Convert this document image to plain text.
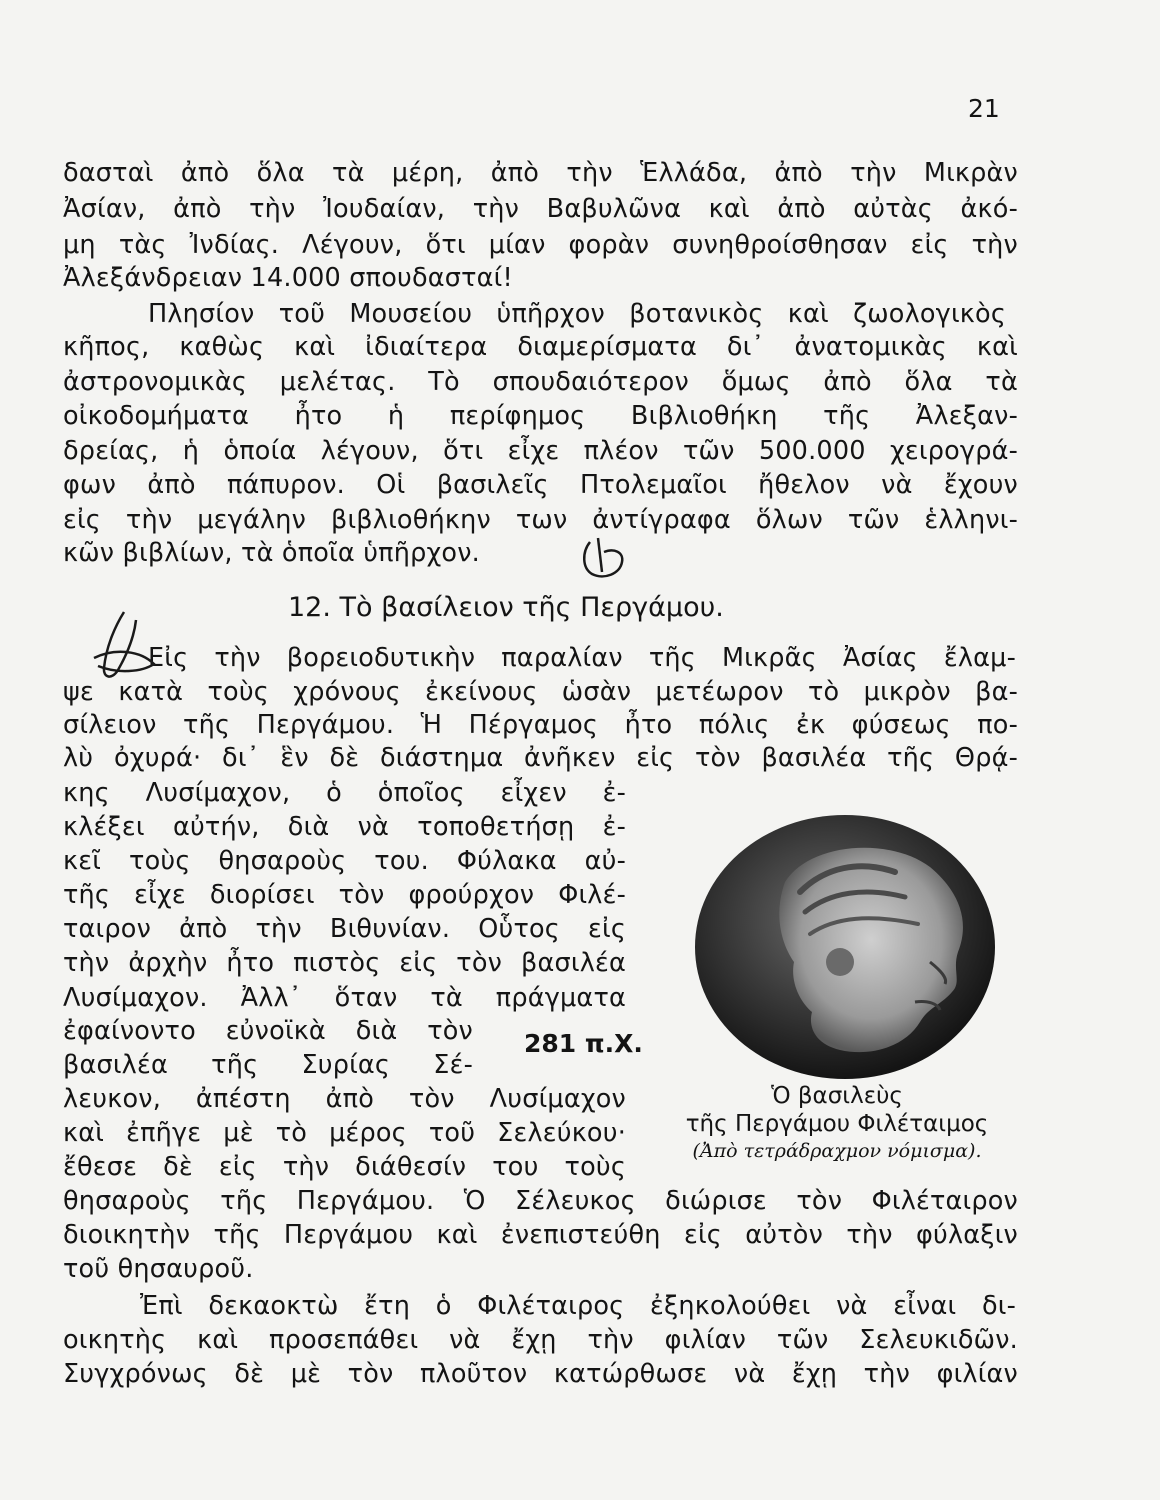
21
δασταὶ ἀπὸ ὅλα τὰ μέρη, ἀπὸ τὴν Ἑλλάδα, ἀπὸ τὴν Μικρὰν
Ἀσίαν, ἀπὸ τὴν Ἰουδαίαν, τὴν Βαβυλῶνα καὶ ἀπὸ αὐτὰς ἀκό-
μη τὰς Ἰνδίας. Λέγουν, ὅτι μίαν φορὰν συνηθροίσθησαν εἰς τὴν
Ἀλεξάνδρειαν 14.000 σπουδασταί!
Πλησίον τοῦ Μουσείου ὑπῆρχον βοτανικὸς καὶ ζωολογικὸς
κῆπος, καθὼς καὶ ἰδιαίτερα διαμερίσματα δι᾽ ἀνατομικὰς καὶ
ἀστρονομικὰς μελέτας. Τὸ σπουδαιότερον ὅμως ἀπὸ ὅλα τὰ
οἰκοδομήματα ἦτο ἡ περίφημος Βιβλιοθήκη τῆς Ἀλεξαν-
δρείας, ἡ ὁποία λέγουν, ὅτι εἶχε πλέον τῶν 500.000 χειρογρά-
φων ἀπὸ πάπυρον. Οἱ βασιλεῖς Πτολεμαῖοι ἤθελον νὰ ἔχουν
εἰς τὴν μεγάλην βιβλιοθήκην των ἀντίγραφα ὅλων τῶν ἑλληνι-
κῶν βιβλίων, τὰ ὁποῖα ὑπῆρχον.
12. Τὸ βασίλειον τῆς Περγάμου.
Εἰς τὴν βορειοδυτικὴν παραλίαν τῆς Μικρᾶς Ἀσίας ἔλαμ-
ψε κατὰ τοὺς χρόνους ἐκείνους ὡσὰν μετέωρον τὸ μικρὸν βα-
σίλειον τῆς Περγάμου. Ἡ Πέργαμος ἦτο πόλις ἐκ φύσεως πο-
λὺ ὀχυρά· δι᾽ ἓν δὲ διάστημα ἀνῆκεν εἰς τὸν βασιλέα τῆς Θρᾴ-
κης Λυσίμαχον, ὁ ὁποῖος εἶχεν ἐ-
κλέξει αὐτήν, διὰ νὰ τοποθετήσῃ ἐ-
κεῖ τοὺς θησαροὺς του. Φύλακα αὐ-
τῆς εἶχε διορίσει τὸν φρούρχον Φιλέ-
ταιρον ἀπὸ τὴν Βιθυνίαν. Οὗτος εἰς
τὴν ἀρχὴν ἦτο πιστὸς εἰς τὸν βασιλέα
Λυσίμαχον. Ἀλλ᾽ ὅταν τὰ πράγματα
ἐφαίνοντο εὐνοϊκὰ διὰ τὸν
βασιλέα τῆς Συρίας Σέ-
λευκον, ἀπέστη ἀπὸ τὸν Λυσίμαχον
καὶ ἐπῆγε μὲ τὸ μέρος τοῦ Σελεύκου·
ἔθεσε δὲ εἰς τὴν διάθεσίν του τοὺς
θησαροὺς τῆς Περγάμου. Ὁ Σέλευκος διώρισε τὸν Φιλέταιρον
διοικητὴν τῆς Περγάμου καὶ ἐνεπιστεύθη εἰς αὐτὸν τὴν φύλαξιν
τοῦ θησαυροῦ.
Ἐπὶ δεκαοκτὼ ἔτη ὁ Φιλέταιρος ἐξηκολούθει νὰ εἶναι δι-
οικητὴς καὶ προσεπάθει νὰ ἔχῃ τὴν φιλίαν τῶν Σελευκιδῶν.
Συγχρόνως δὲ μὲ τὸν πλοῦτον κατώρθωσε νὰ ἔχῃ τὴν φιλίαν
281 π.Χ.
Ὁ βασιλεὺς
τῆς Περγάμου Φιλέταιμος
(Ἀπὸ τετράδραχμον νόμισμα).
